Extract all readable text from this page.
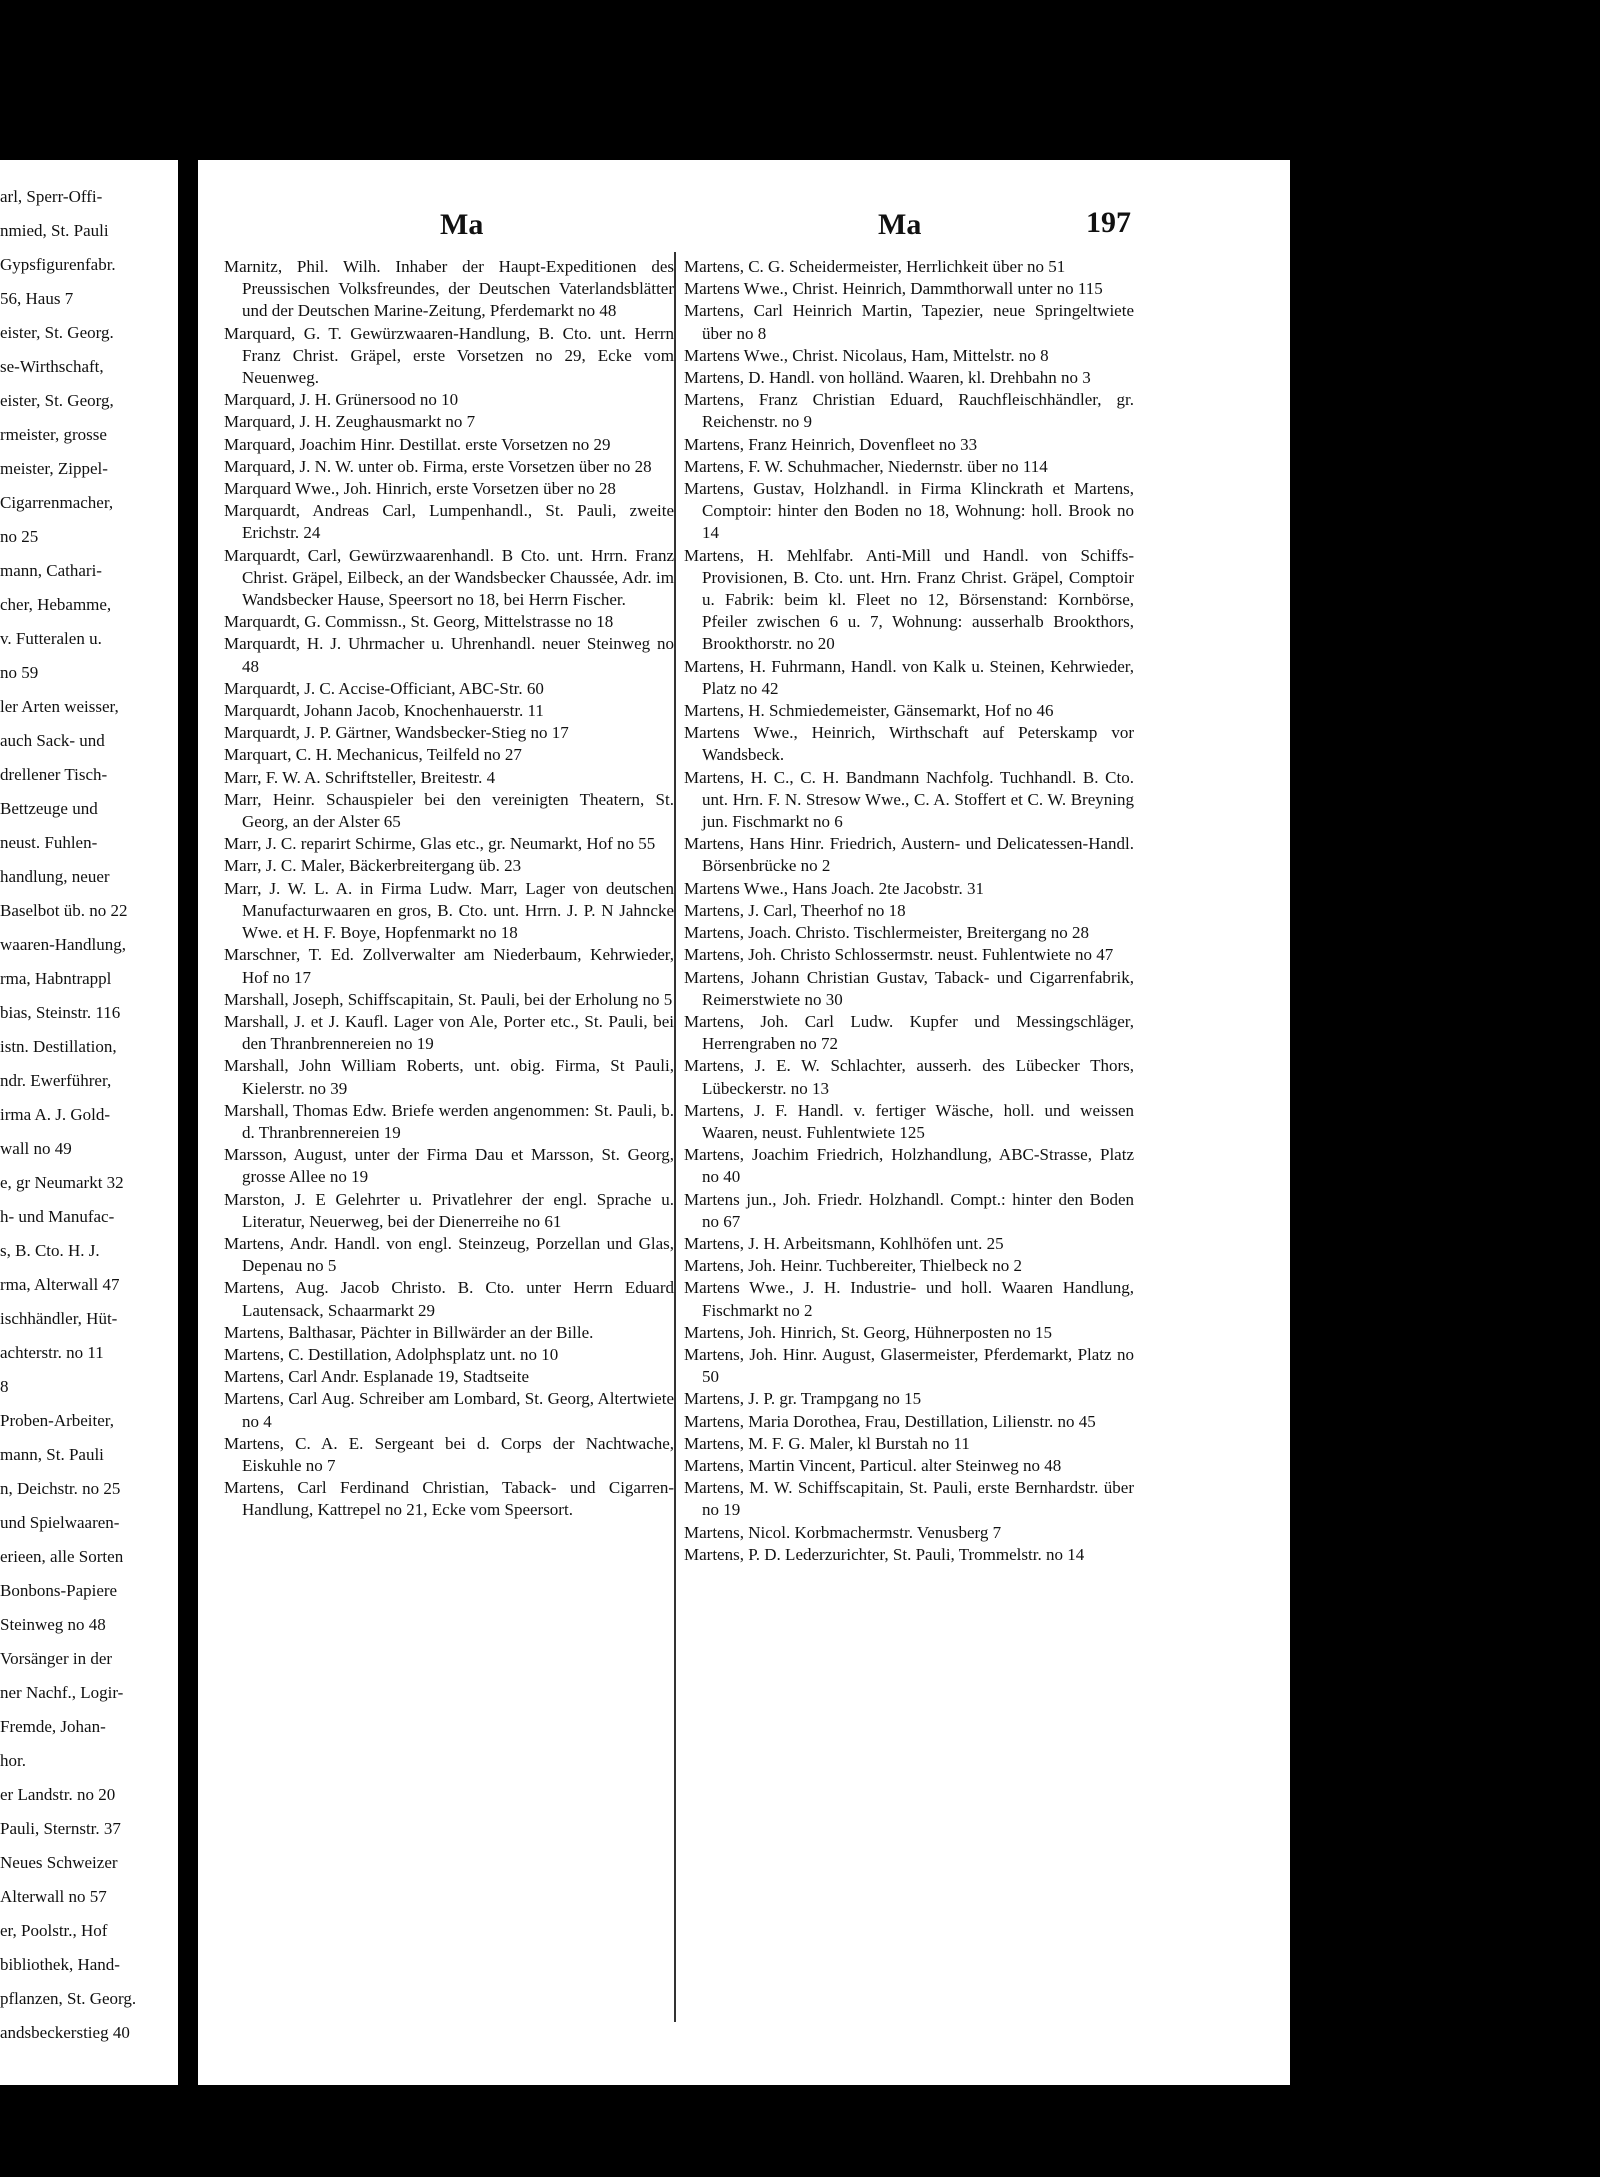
arl, Sperr-Offi-
nmied, St. Pauli
Gypsfigurenfabr.
56, Haus 7
eister, St. Georg.
se-Wirthschaft,
eister, St. Georg,
rmeister, grosse
meister, Zippel-
Cigarrenmacher,
no 25
mann, Cathari-
cher, Hebamme,
v. Futteralen u.
no 59
ler Arten weisser,
auch Sack- und
drellener Tisch-
Bettzeuge und
neust. Fuhlen-
handlung, neuer
Baselbot üb. no 22
waaren-Handlung,
rma, Habntrappl
bias, Steinstr. 116
istn. Destillation,
ndr. Ewerführer,
irma A. J. Gold-
wall no 49
e, gr Neumarkt 32
h- und Manufac-
s, B. Cto. H. J.
rma, Alterwall 47
ischhändler, Hüt-
achterstr. no 11
8
Proben-Arbeiter,
mann, St. Pauli
n, Deichstr. no 25
und Spielwaaren-
erieen, alle Sorten
Bonbons-Papiere
Steinweg no 48
Vorsänger in der
ner Nachf., Logir-
Fremde, Johan-
hor.
er Landstr. no 20
Pauli, Sternstr. 37
Neues Schweizer
Alterwall no 57
er, Poolstr., Hof
bibliothek, Hand-
pflanzen, St. Georg.
andsbeckerstieg 40
Ma	Ma	197

Marnitz, Phil. Wilh. Inhaber der Haupt-Expeditionen des Preussischen Volksfreundes, der Deutschen Vaterlandsblätter und der Deutschen Marine-Zeitung, Pferdemarkt no 48

Marquard, G. T. Gewürzwaaren-Handlung, B. Cto. unt. Herrn Franz Christ. Gräpel, erste Vorsetzen no 29, Ecke vom Neuenweg.

Marquard, J. H. Grünersood no 10

Marquard, J. H. Zeughausmarkt no 7

Marquard, Joachim Hinr. Destillat. erste Vorsetzen no 29

Marquard, J. N. W. unter ob. Firma, erste Vorsetzen über no 28

Marquard Wwe., Joh. Hinrich, erste Vorsetzen über no 28

Marquardt, Andreas Carl, Lumpenhandl., St. Pauli, zweite Erichstr. 24

Marquardt, Carl, Gewürzwaarenhandl. B Cto. unt. Hrrn. Franz Christ. Gräpel, Eilbeck, an der Wandsbecker Chaussée, Adr. im Wandsbecker Hause, Speersort no 18, bei Herrn Fischer.

Marquardt, G. Commissn., St. Georg, Mittelstrasse no 18

Marquardt, H. J. Uhrmacher u. Uhrenhandl. neuer Steinweg no 48

Marquardt, J. C. Accise-Officiant, ABC-Str. 60

Marquardt, Johann Jacob, Knochenhauerstr. 11

Marquardt, J. P. Gärtner, Wandsbecker-Stieg no 17

Marquart, C. H. Mechanicus, Teilfeld no 27

Marr, F. W. A. Schriftsteller, Breitestr. 4

Marr, Heinr. Schauspieler bei den vereinigten Theatern, St. Georg, an der Alster 65

Marr, J. C. reparirt Schirme, Glas etc., gr. Neumarkt, Hof no 55

Marr, J. C. Maler, Bäckerbreitergang üb. 23

Marr, J. W. L. A. in Firma Ludw. Marr, Lager von deutschen Manufacturwaaren en gros, B. Cto. unt. Hrrn. J. P. N Jahncke Wwe. et H. F. Boye, Hopfenmarkt no 18

Marschner, T. Ed. Zollverwalter am Niederbaum, Kehrwieder, Hof no 17

Marshall, Joseph, Schiffscapitain, St. Pauli, bei der Erholung no 5

Marshall, J. et J. Kaufl. Lager von Ale, Porter etc., St. Pauli, bei den Thranbrennereien no 19

Marshall, John William Roberts, unt. obig. Firma, St Pauli, Kielerstr. no 39

Marshall, Thomas Edw. Briefe werden angenommen: St. Pauli, b. d. Thranbrennereien 19

Marsson, August, unter der Firma Dau et Marsson, St. Georg, grosse Allee no 19

Marston, J. E Gelehrter u. Privatlehrer der engl. Sprache u. Literatur, Neuerweg, bei der Dienerreihe no 61

Martens, Andr. Handl. von engl. Steinzeug, Porzellan und Glas, Depenau no 5

Martens, Aug. Jacob Christo. B. Cto. unter Herrn Eduard Lautensack, Schaarmarkt 29

Martens, Balthasar, Pächter in Billwärder an der Bille.

Martens, C. Destillation, Adolphsplatz unt. no 10

Martens, Carl Andr. Esplanade 19, Stadtseite

Martens, Carl Aug. Schreiber am Lombard, St. Georg, Altertwiete no 4

Martens, C. A. E. Sergeant bei d. Corps der Nachtwache, Eiskuhle no 7

Martens, Carl Ferdinand Christian, Taback- und Cigarren-Handlung, Kattrepel no 21, Ecke vom Speersort.

Martens, C. G. Scheidermeister, Herrlichkeit über no 51

Martens Wwe., Christ. Heinrich, Dammthorwall unter no 115

Martens, Carl Heinrich Martin, Tapezier, neue Springeltwiete über no 8

Martens Wwe., Christ. Nicolaus, Ham, Mittelstr. no 8

Martens, D. Handl. von holländ. Waaren, kl. Drehbahn no 3

Martens, Franz Christian Eduard, Rauchfleischhändler, gr. Reichenstr. no 9

Martens, Franz Heinrich, Dovenfleet no 33

Martens, F. W. Schuhmacher, Niedernstr. über no 114

Martens, Gustav, Holzhandl. in Firma Klinckrath et Martens, Comptoir: hinter den Boden no 18, Wohnung: holl. Brook no 14

Martens, H. Mehlfabr. Anti-Mill und Handl. von Schiffs-Provisionen, B. Cto. unt. Hrn. Franz Christ. Gräpel, Comptoir u. Fabrik: beim kl. Fleet no 12, Börsenstand: Kornbörse, Pfeiler zwischen 6 u. 7, Wohnung: ausserhalb Brookthors, Brookthorstr. no 20

Martens, H. Fuhrmann, Handl. von Kalk u. Steinen, Kehrwieder, Platz no 42

Martens, H. Schmiedemeister, Gänsemarkt, Hof no 46

Martens Wwe., Heinrich, Wirthschaft auf Peterskamp vor Wandsbeck.

Martens, H. C., C. H. Bandmann Nachfolg. Tuchhandl. B. Cto. unt. Hrn. F. N. Stresow Wwe., C. A. Stoffert et C. W. Breyning jun. Fischmarkt no 6

Martens, Hans Hinr. Friedrich, Austern- und Delicatessen-Handl. Börsenbrücke no 2

Martens Wwe., Hans Joach. 2te Jacobstr. 31

Martens, J. Carl, Theerhof no 18

Martens, Joach. Christo. Tischlermeister, Breitergang no 28

Martens, Joh. Christo Schlossermstr. neust. Fuhlentwiete no 47

Martens, Johann Christian Gustav, Taback- und Cigarrenfabrik, Reimerstwiete no 30

Martens, Joh. Carl Ludw. Kupfer und Messingschläger, Herrengraben no 72

Martens, J. E. W. Schlachter, ausserh. des Lübecker Thors, Lübeckerstr. no 13

Martens, J. F. Handl. v. fertiger Wäsche, holl. und weissen Waaren, neust. Fuhlentwiete 125

Martens, Joachim Friedrich, Holzhandlung, ABC-Strasse, Platz no 40

Martens jun., Joh. Friedr. Holzhandl. Compt.: hinter den Boden no 67

Martens, J. H. Arbeitsmann, Kohlhöfen unt. 25

Martens, Joh. Heinr. Tuchbereiter, Thielbeck no 2

Martens Wwe., J. H. Industrie- und holl. Waaren Handlung, Fischmarkt no 2

Martens, Joh. Hinrich, St. Georg, Hühnerposten no 15

Martens, Joh. Hinr. August, Glasermeister, Pferdemarkt, Platz no 50

Martens, J. P. gr. Trampgang no 15

Martens, Maria Dorothea, Frau, Destillation, Lilienstr. no 45

Martens, M. F. G. Maler, kl Burstah no 11

Martens, Martin Vincent, Particul. alter Steinweg no 48

Martens, M. W. Schiffscapitain, St. Pauli, erste Bernhardstr. über no 19

Martens, Nicol. Korbmachermstr. Venusberg 7

Martens, P. D. Lederzurichter, St. Pauli, Trommelstr. no 14
